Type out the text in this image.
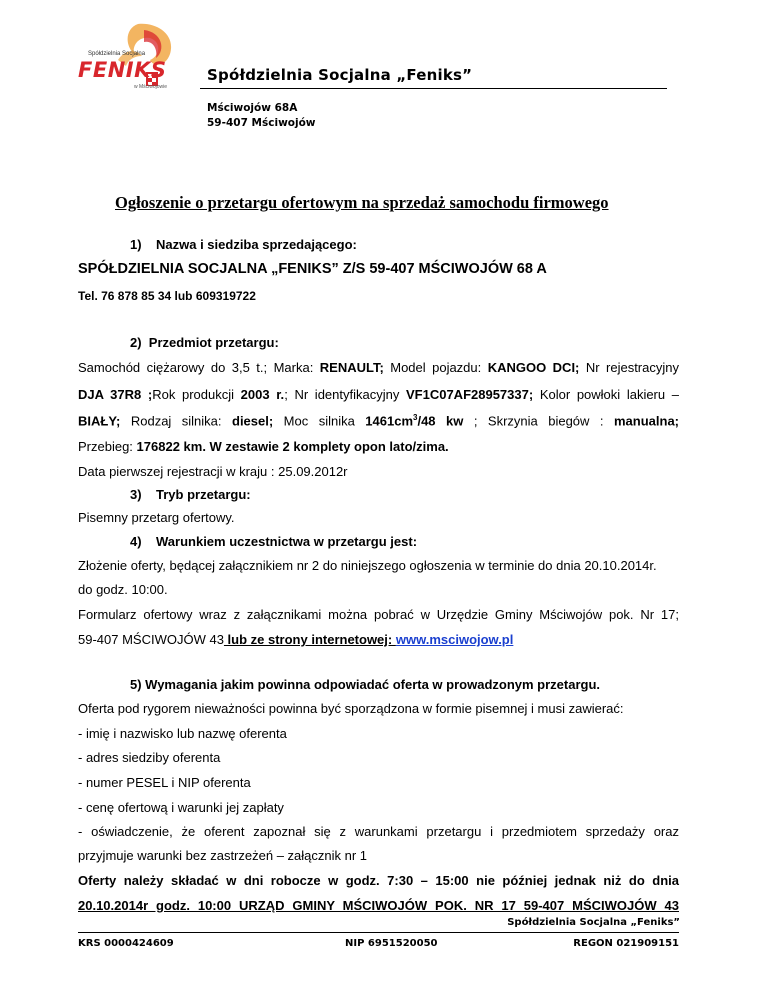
Spółdzielnia Socjalna
FENIKS
w Mściwojowie
Spółdzielnia Socjalna „Feniks”
Mściwojów 68A
59-407 Mściwojów
Ogłoszenie o przetargu ofertowym na sprzedaż samochodu firmowego
1)    Nazwa i siedziba sprzedającego:
SPÓŁDZIELNIA SOCJALNA „FENIKS” Z/S 59-407 MŚCIWOJÓW 68 A
Tel. 76 878 85 34 lub 609319722
2)  Przedmiot przetargu:
Samochód ciężarowy do 3,5 t.; Marka: RENAULT; Model pojazdu: KANGOO DCI; Nr rejestracyjny
DJA 37R8 ;Rok produkcji 2003 r.; Nr identyfikacyjny VF1C07AF28957337; Kolor powłoki lakieru –
BIAŁY; Rodzaj silnika: diesel; Moc silnika $1461cm^3/48$ kw ; Skrzynia biegów : manualna;
Przebieg: 176822 km. W zestawie 2 komplety opon lato/zima.
Data pierwszej rejestracji w kraju : 25.09.2012r
3)    Tryb przetargu:
Pisemny przetarg ofertowy.
4)    Warunkiem uczestnictwa w przetargu jest:
Złożenie oferty, będącej załącznikiem nr 2 do niniejszego ogłoszenia w terminie do dnia 20.10.2014r.
do godz. 10:00.
Formularz ofertowy wraz z załącznikami można pobrać w Urzędzie Gminy Mściwojów pok. Nr 17;
59-407 MŚCIWOJÓW 43 lub ze strony internetowej: www.msciwojow.pl
5) Wymagania jakim powinna odpowiadać oferta w prowadzonym przetargu.
Oferta pod rygorem nieważności powinna być sporządzona w formie pisemnej i musi zawierać:
- imię i nazwisko lub nazwę oferenta
- adres siedziby oferenta
- numer PESEL i NIP oferenta
- cenę ofertową i warunki jej zapłaty
- oświadczenie, że oferent zapoznał się z warunkami przetargu i przedmiotem sprzedaży oraz
przyjmuje warunki bez zastrzeżeń – załącznik nr 1
Oferty należy składać w dni robocze w godz. 7:30 – 15:00 nie później jednak niż do dnia
20.10.2014r godz. 10:00 URZĄD GMINY MŚCIWOJÓW POK. NR 17 59-407 MŚCIWOJÓW 43
Spółdzielnia Socjalna „Feniks”
KRS 0000424609	NIP 6951520050	REGON 021909151
